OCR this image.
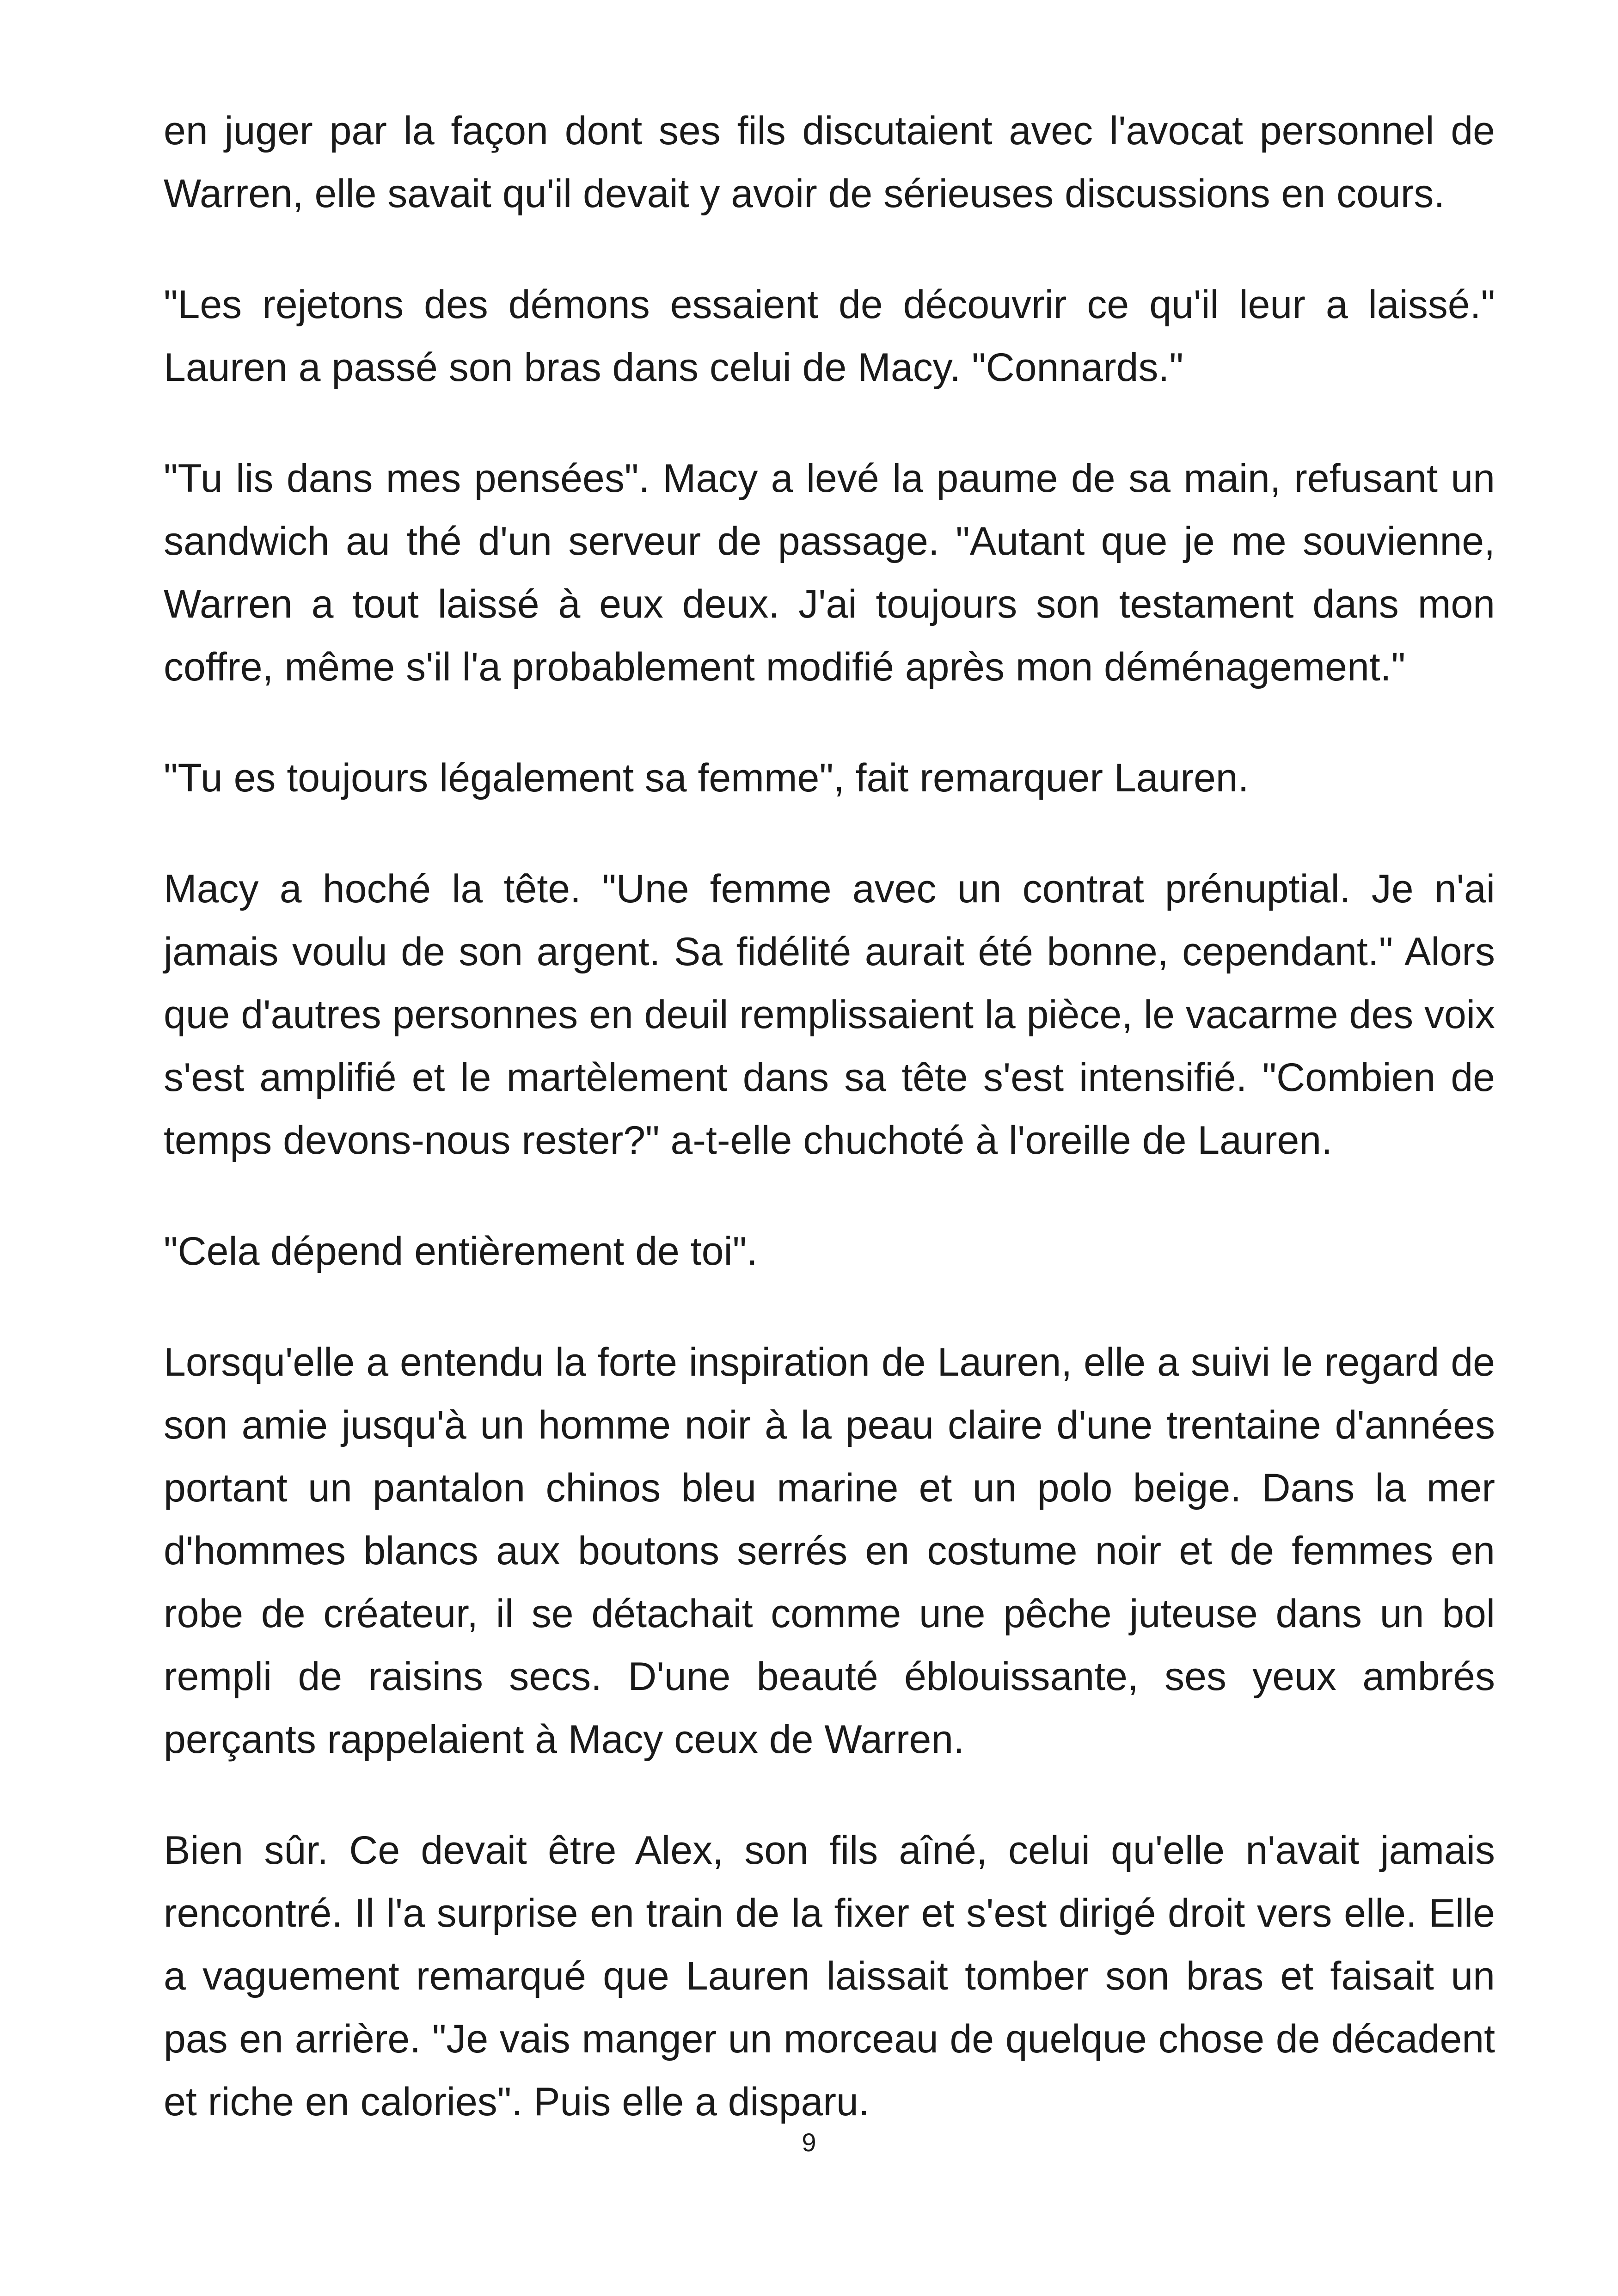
en juger par la façon dont ses fils discutaient avec l'avocat personnel de Warren, elle savait qu'il devait y avoir de sérieuses discussions en cours.

"Les rejetons des démons essaient de découvrir ce qu'il leur a laissé." Lauren a passé son bras dans celui de Macy. "Connards."

"Tu lis dans mes pensées". Macy a levé la paume de sa main, refusant un sandwich au thé d'un serveur de passage. "Autant que je me souvienne, Warren a tout laissé à eux deux. J'ai toujours son testament dans mon coffre, même s'il l'a probablement modifié après mon déménagement."

"Tu es toujours légalement sa femme", fait remarquer Lauren.

Macy a hoché la tête. "Une femme avec un contrat prénuptial. Je n'ai jamais voulu de son argent. Sa fidélité aurait été bonne, cependant." Alors que d'autres personnes en deuil remplissaient la pièce, le vacarme des voix s'est amplifié et le martèlement dans sa tête s'est intensifié. "Combien de temps devons-nous rester?" a-t-elle chuchoté à l'oreille de Lauren.

"Cela dépend entièrement de toi".

Lorsqu'elle a entendu la forte inspiration de Lauren, elle a suivi le regard de son amie jusqu'à un homme noir à la peau claire d'une trentaine d'années portant un pantalon chinos bleu marine et un polo beige. Dans la mer d'hommes blancs aux boutons serrés en costume noir et de femmes en robe de créateur, il se détachait comme une pêche juteuse dans un bol rempli de raisins secs. D'une beauté éblouissante, ses yeux ambrés perçants rappelaient à Macy ceux de Warren.

Bien sûr. Ce devait être Alex, son fils aîné, celui qu'elle n'avait jamais rencontré. Il l'a surprise en train de la fixer et s'est dirigé droit vers elle. Elle a vaguement remarqué que Lauren laissait tomber son bras et faisait un pas en arrière. "Je vais manger un morceau de quelque chose de décadent et riche en calories". Puis elle a disparu.

9
